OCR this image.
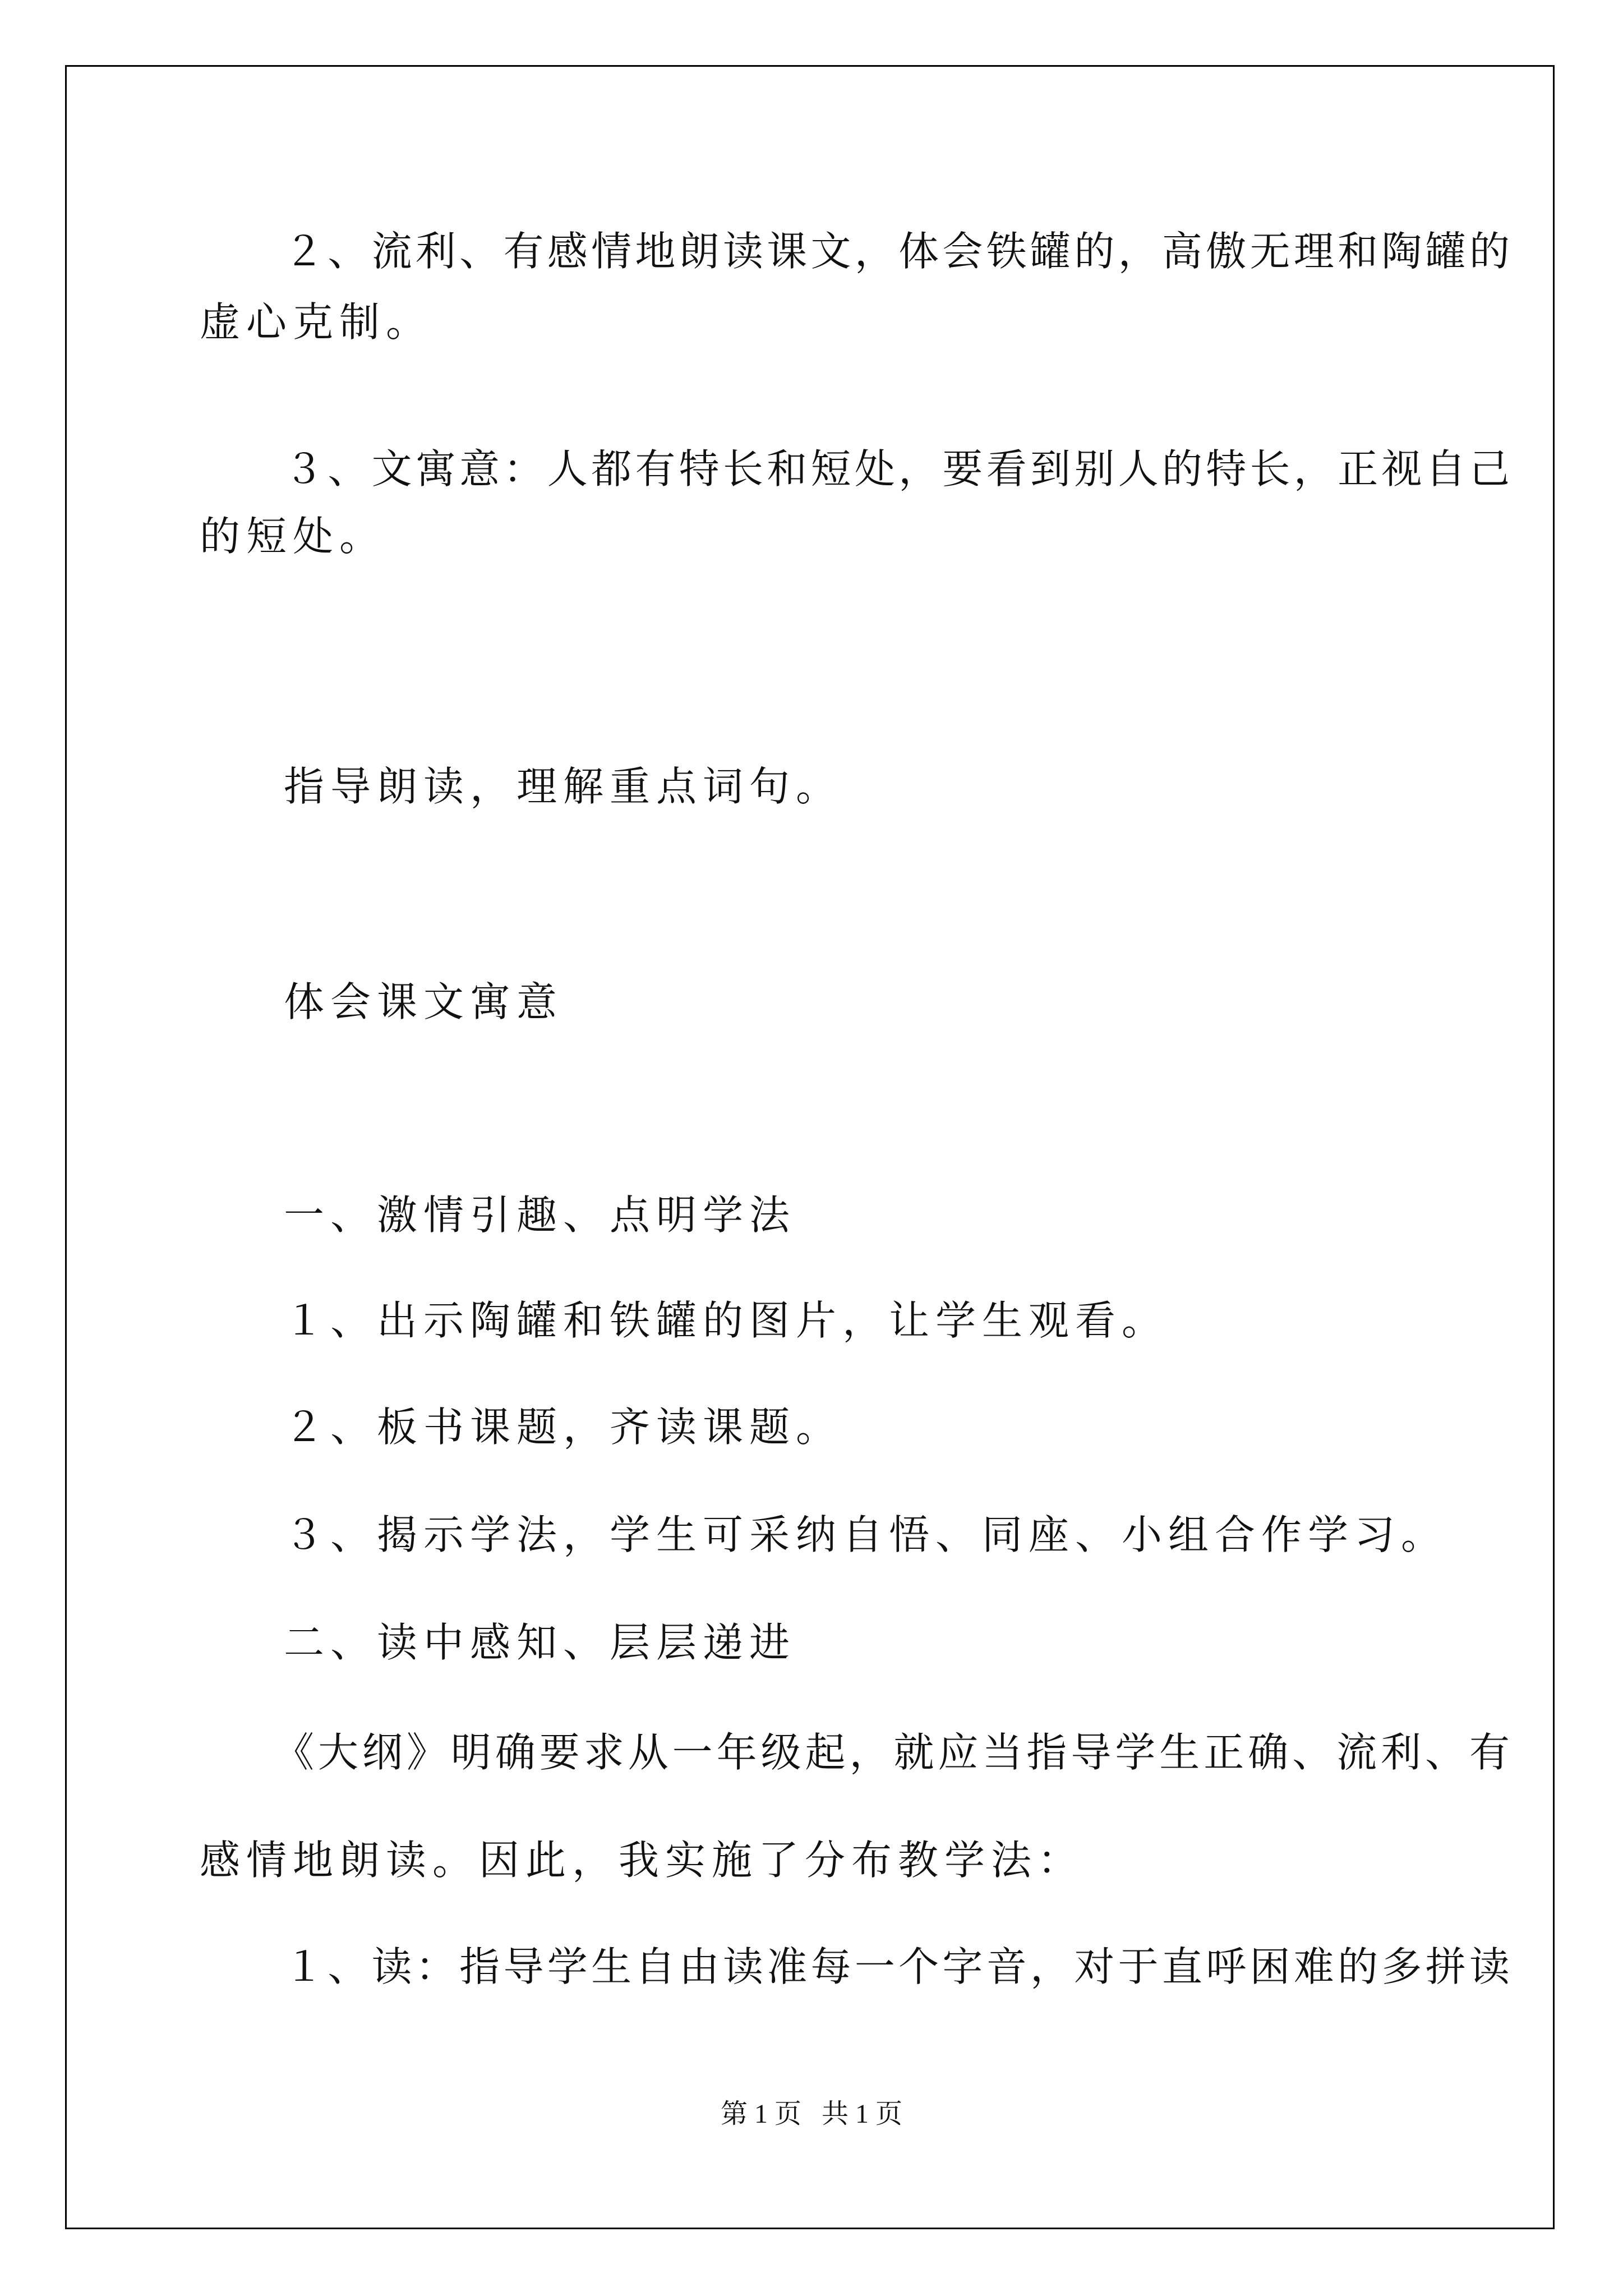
２、流利、有感情地朗读课文，体会铁罐的，高傲无理和陶罐的

虚心克制。

３、文寓意：人都有特长和短处，要看到别人的特长，正视自己

的短处。

指导朗读，理解重点词句。

体会课文寓意

一、激情引趣、点明学法

１、出示陶罐和铁罐的图片，让学生观看。

２、板书课题，齐读课题。

３、揭示学法，学生可采纳自悟、同座、小组合作学习。

二、读中感知、层层递进

《大纲》明确要求从一年级起，就应当指导学生正确、流利、有

感情地朗读。因此，我实施了分布教学法：

１、读：指导学生自由读准每一个字音，对于直呼困难的多拼读

第 1 页 共 1 页
